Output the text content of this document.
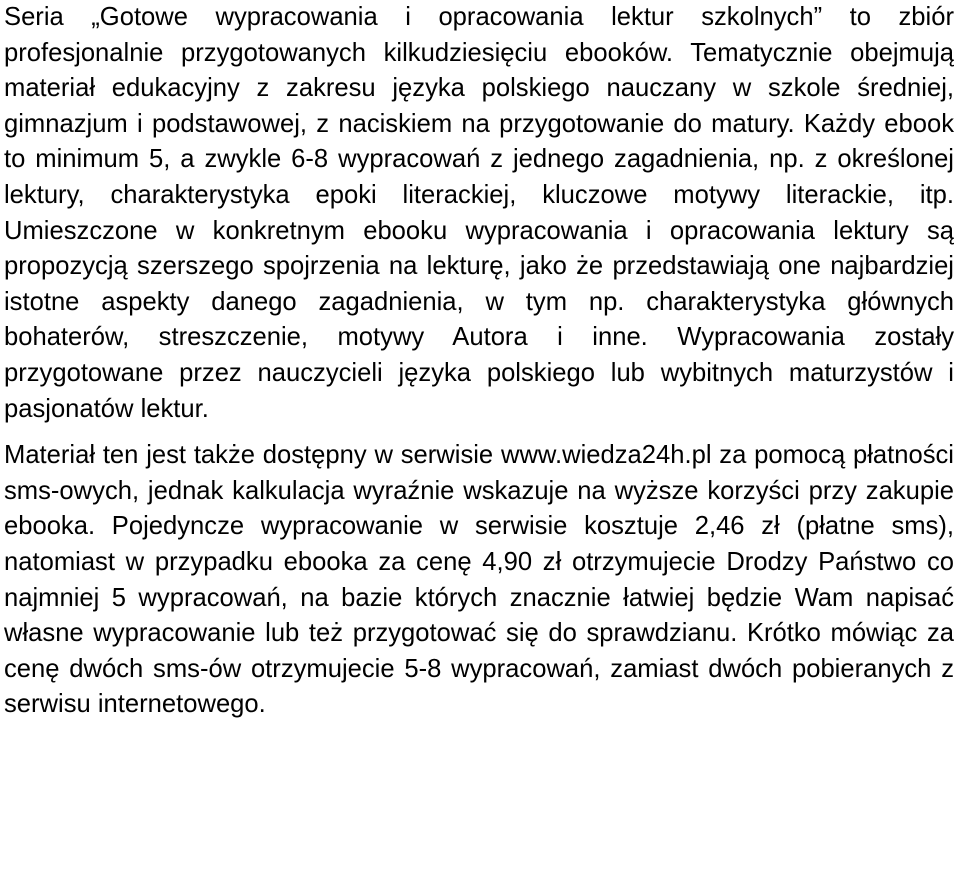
Seria „Gotowe wypracowania i opracowania lektur szkolnych” to zbiór profesjonalnie przygotowanych kilkudziesięciu ebooków. Tematycznie obejmują materiał edukacyjny z zakresu języka polskiego nauczany w szkole średniej, gimnazjum i podstawowej, z naciskiem na przygotowanie do matury. Każdy ebook to minimum 5, a zwykle 6-8 wypracowań z jednego zagadnienia, np. z określonej lektury, charakterystyka epoki literackiej, kluczowe motywy literackie, itp. Umieszczone w konkretnym ebooku wypracowania i opracowania lektury są propozycją szerszego spojrzenia na lekturę, jako że przedstawiają one najbardziej istotne aspekty danego zagadnienia, w tym np. charakterystyka głównych bohaterów, streszczenie, motywy Autora i inne. Wypracowania zostały przygotowane przez nauczycieli języka polskiego lub wybitnych maturzystów i pasjonatów lektur.

Materiał ten jest także dostępny w serwisie www.wiedza24h.pl za pomocą płatności sms-owych, jednak kalkulacja wyraźnie wskazuje na wyższe korzyści przy zakupie ebooka. Pojedyncze wypracowanie w serwisie kosztuje 2,46 zł (płatne sms), natomiast w przypadku ebooka za cenę 4,90 zł otrzymujecie Drodzy Państwo co najmniej 5 wypracowań, na bazie których znacznie łatwiej będzie Wam napisać własne wypracowanie lub też przygotować się do sprawdzianu. Krótko mówiąc za cenę dwóch sms-ów otrzymujecie 5-8 wypracowań, zamiast dwóch pobieranych z serwisu internetowego.
